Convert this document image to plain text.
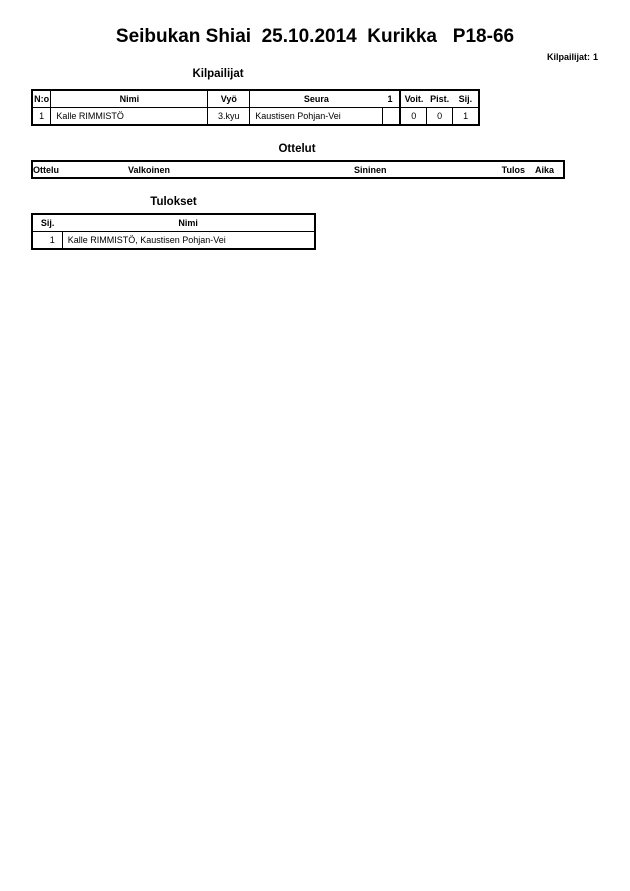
Seibukan Shiai  25.10.2014  Kurikka   P18-66
Kilpailijat: 1
Kilpailijat
N:o	Nimi	Vyö	Seura	1	Voit.	Pist.	Sij.
1	Kalle RIMMISTÖ	3.kyu	Kaustisen Pohjan-Vei		0	0	1
Ottelut
Ottelu	Valkoinen	Sininen	Tulos	Aika
Tulokset
Sij.	Nimi
1	Kalle RIMMISTÖ, Kaustisen Pohjan-Vei
